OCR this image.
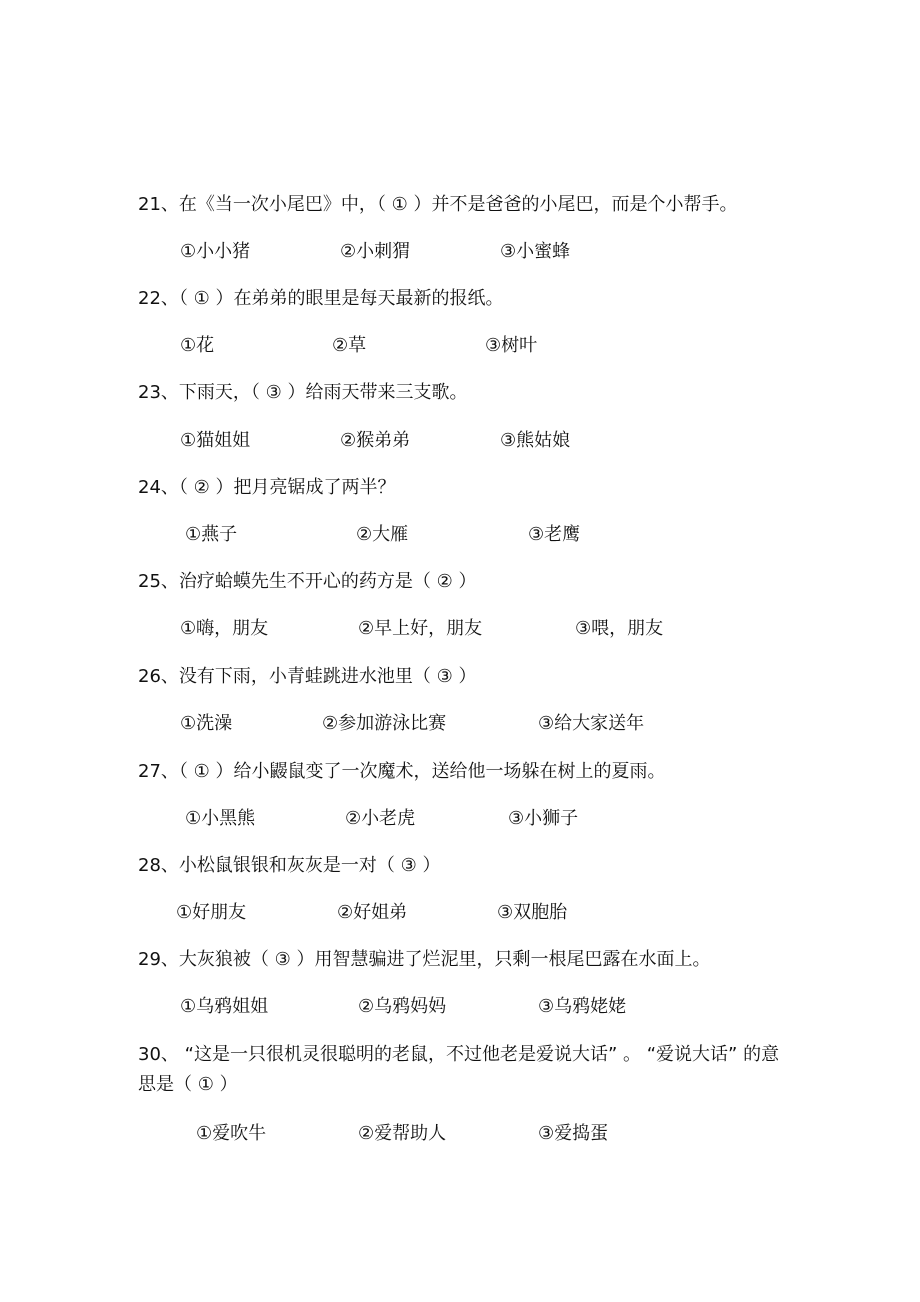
21、在《当一次小尾巴》中，（ ① ）并不是爸爸的小尾巴，而是个小帮手。
①小小猪	②小刺猬	③小蜜蜂
22、（ ① ）在弟弟的眼里是每天最新的报纸。
①花	②草	③树叶
23、下雨天，（ ③ ）给雨天带来三支歌。
①猫姐姐	②猴弟弟	③熊姑娘
24、（ ② ）把月亮锯成了两半？
①燕子	②大雁	③老鹰
25、治疗蛤蟆先生不开心的药方是（ ② ）
①嗨，朋友	②早上好，朋友	③喂，朋友
26、没有下雨，小青蛙跳进水池里（ ③ ）
①洗澡	②参加游泳比赛	③给大家送年
27、（ ① ）给小鼹鼠变了一次魔术，送给他一场躲在树上的夏雨。
①小黑熊	②小老虎	③小狮子
28、小松鼠银银和灰灰是一对（ ③ ）
①好朋友	②好姐弟	③双胞胎
29、大灰狼被（ ③ ）用智慧骗进了烂泥里，只剩一根尾巴露在水面上。
①乌鸦姐姐	②乌鸦妈妈	③乌鸦姥姥
30、 “这是一只很机灵很聪明的老鼠，不过他老是爱说大话” 。 “爱说大话” 的意思是（ ① ）
①爱吹牛	②爱帮助人	③爱捣蛋
